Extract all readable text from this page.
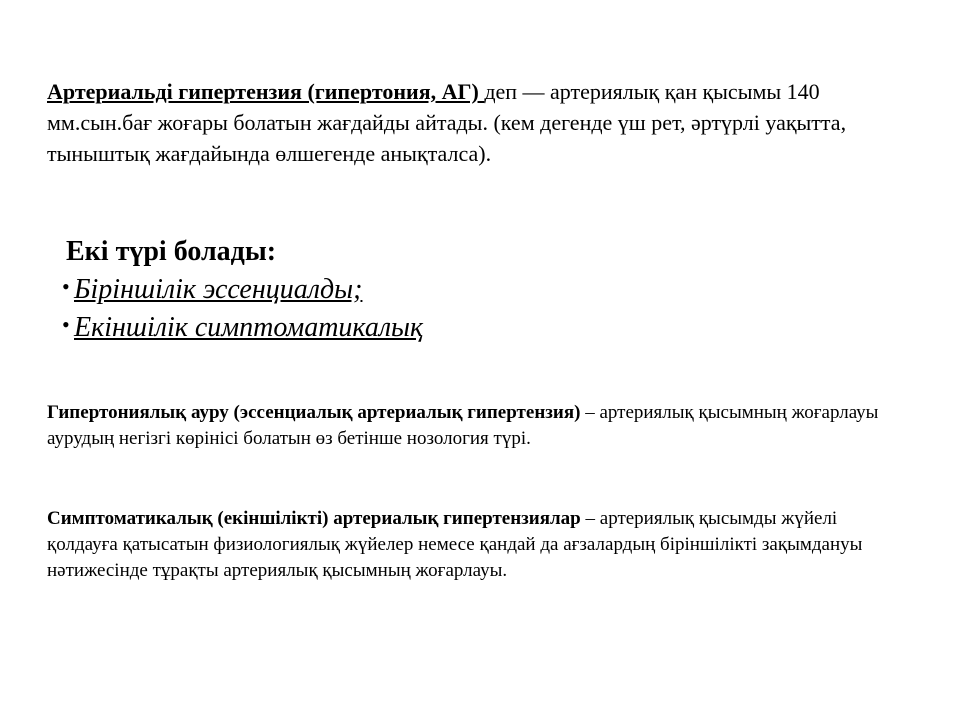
Артериальді гипертензия (гипертония, АГ) деп — артериялық қан қысымы 140 мм.сын.бағ жоғары болатын жағдайды айтады. (кем дегенде үш рет, әртүрлі уақытта, тыныштық жағдайында өлшегенде анықталса).
Екі түрі болады:
• Біріншілік эссенциалды;
• Екіншілік симптоматикалық
Гипертониялық ауру (эссенциалық артериалық гипертензия) – артериялық қысымның жоғарлауы аурудың негізгі көрінісі болатын өз бетінше нозология түрі.
Симптоматикалық (екіншілікті) артериалық гипертензиялар – артериялық қысымды жүйелі қолдауға қатысатын физиологиялық жүйелер немесе қандай да ағзалардың біріншілікті зақымдануы нәтижесінде тұрақты артериялық қысымның жоғарлауы.
